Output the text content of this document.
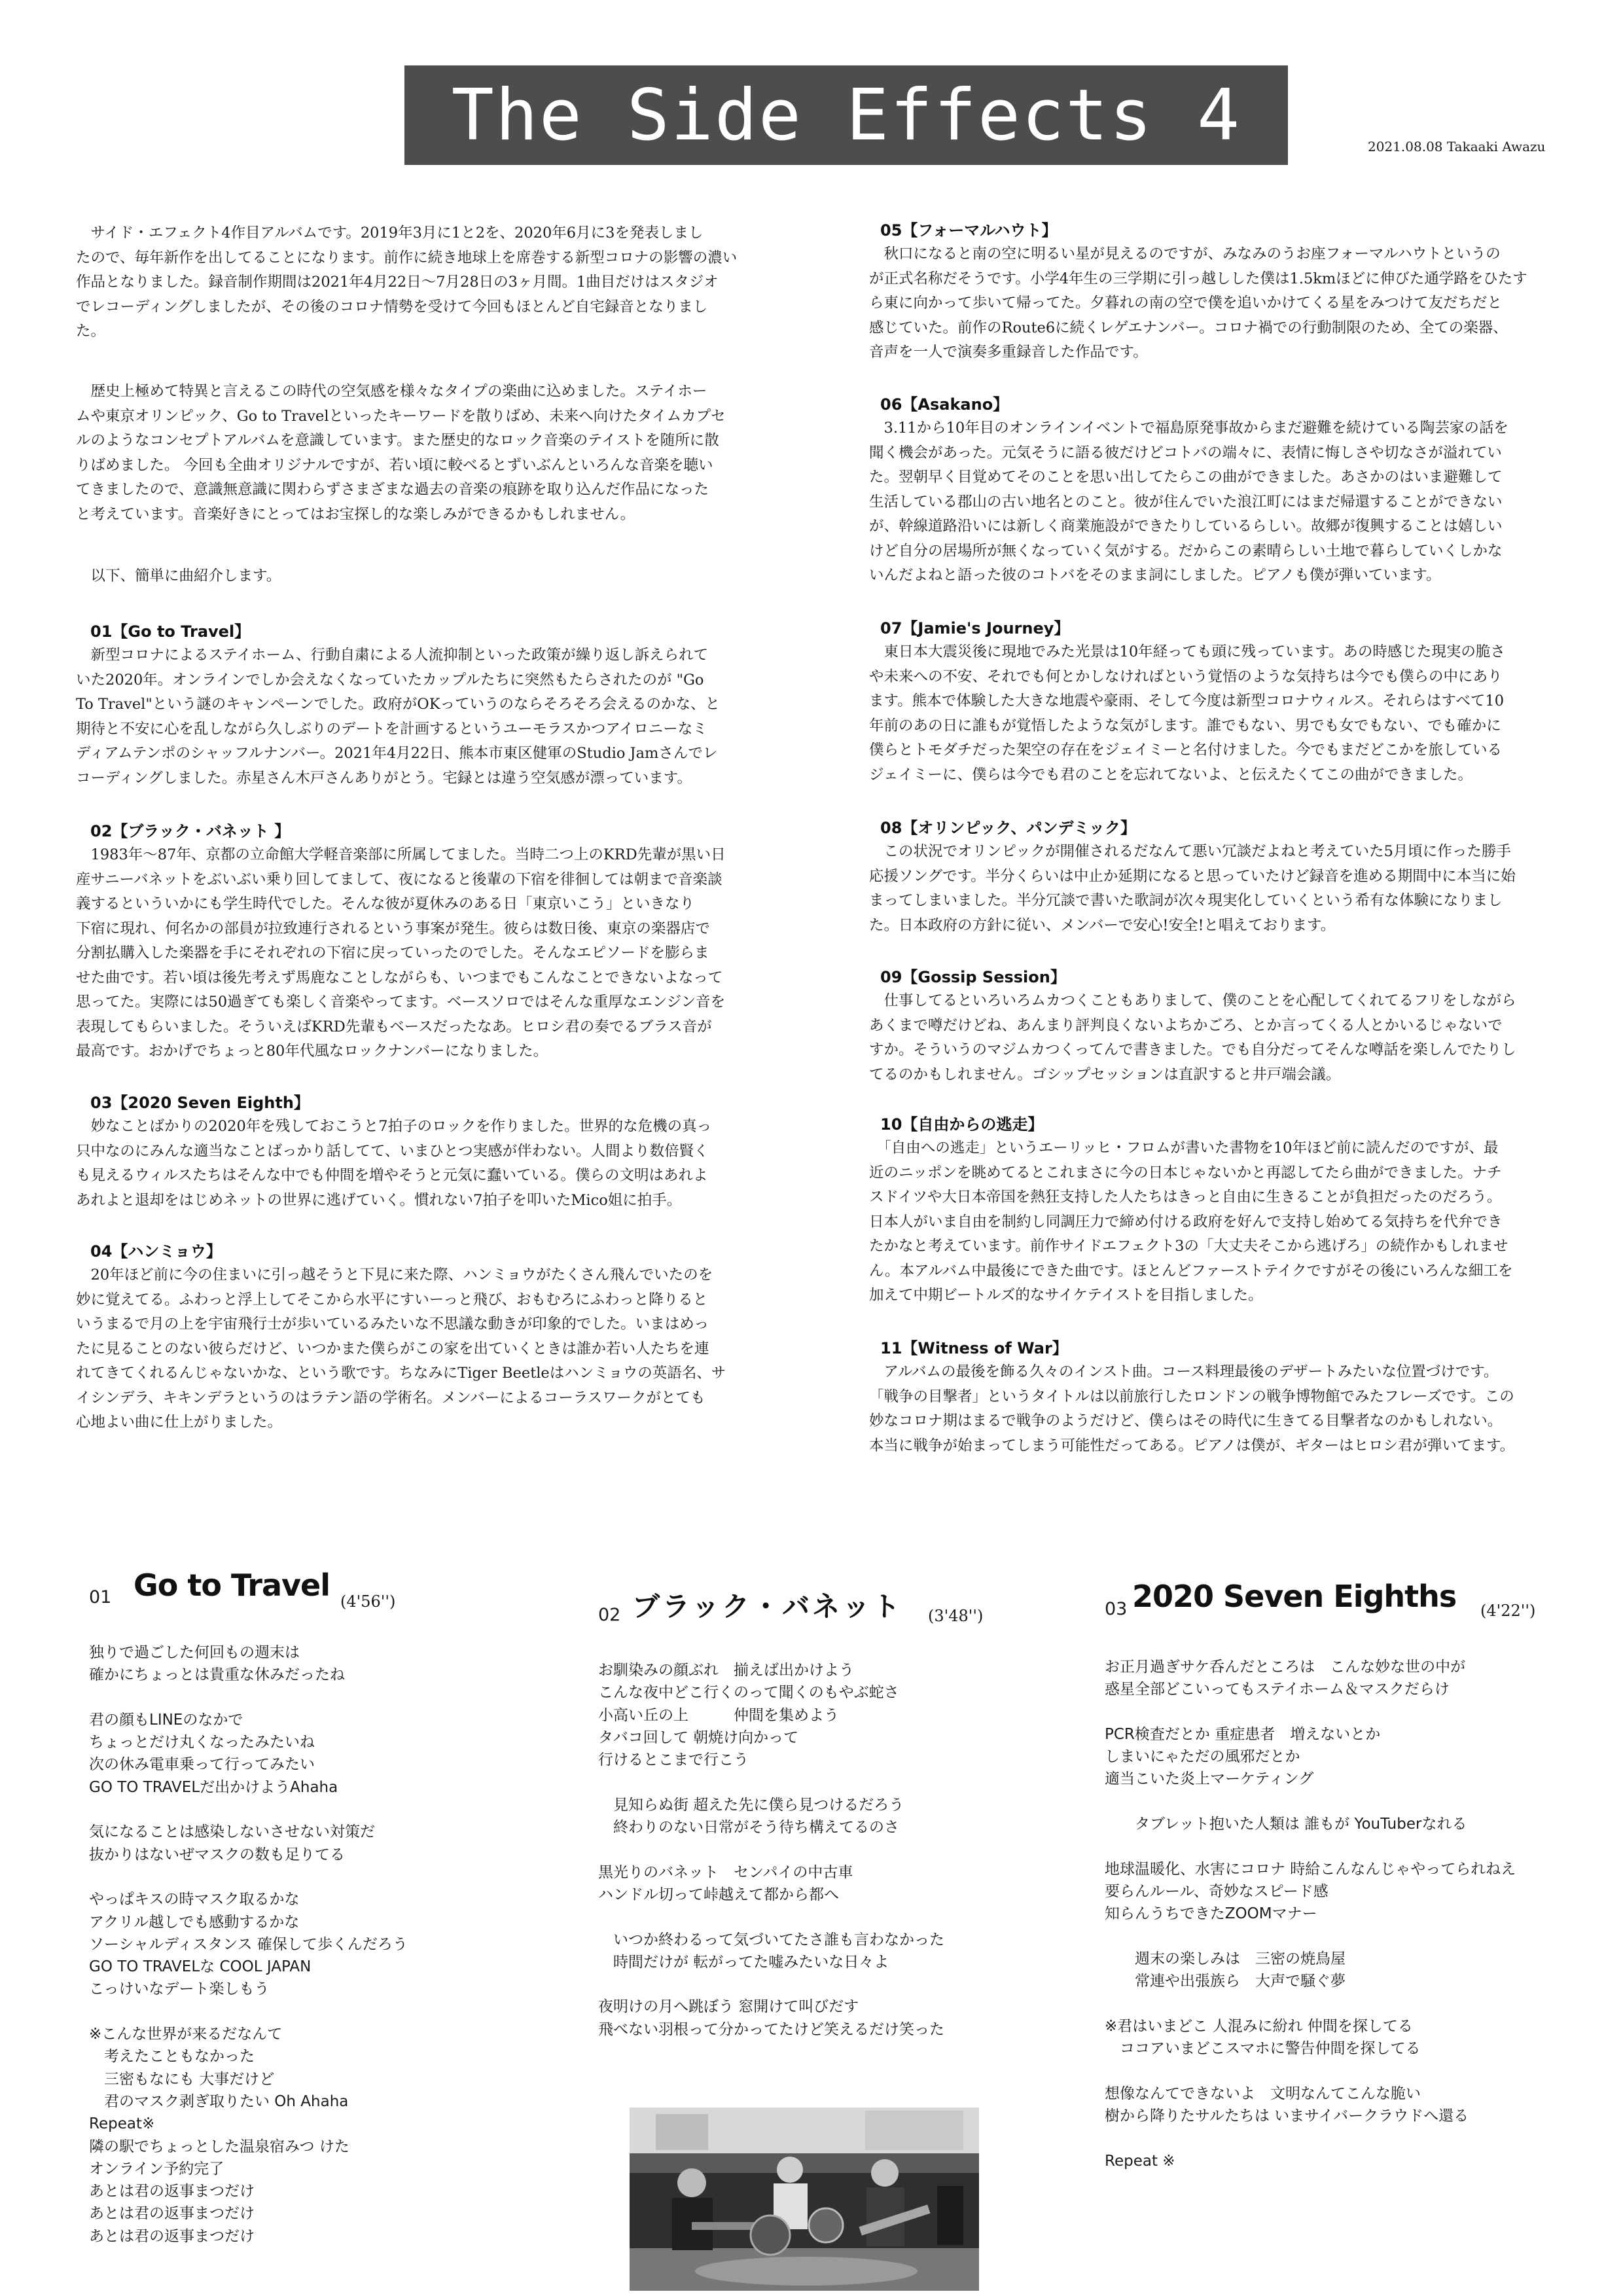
The Side Effects 4	2021.08.08 Takaaki Awazu
　サイド・エフェクト4作目アルバムです。2019年3月に1と2を、2020年6月に3を発表しまし
たので、毎年新作を出してることになります。前作に続き地球上を席巻する新型コロナの影響の濃い
作品となりました。録音制作期間は2021年4月22日〜7月28日の3ヶ月間。1曲目だけはスタジオ
でレコーディングしましたが、その後のコロナ情勢を受けて今回もほとんど自宅録音となりまし
た。
　歴史上極めて特異と言えるこの時代の空気感を様々なタイプの楽曲に込めました。ステイホー
ムや東京オリンピック、Go to Travelといったキーワードを散りばめ、未来へ向けたタイムカプセ
ルのようなコンセプトアルバムを意識しています。また歴史的なロック音楽のテイストを随所に散
りばめました。 今回も全曲オリジナルですが、若い頃に較べるとずいぶんといろんな音楽を聴い
てきましたので、意識無意識に関わらずさまざまな過去の音楽の痕跡を取り込んだ作品になった
と考えています。音楽好きにとってはお宝探し的な楽しみができるかもしれません。
　以下、簡単に曲紹介します。
01【Go to Travel】
　新型コロナによるステイホーム、行動自粛による人流抑制といった政策が繰り返し訴えられて
いた2020年。オンラインでしか会えなくなっていたカップルたちに突然もたらされたのが "Go
To Travel"という謎のキャンペーンでした。政府がOKっていうのならそろそろ会えるのかな、と
期待と不安に心を乱しながら久しぶりのデートを計画するというユーモラスかつアイロニーなミ
ディアムテンポのシャッフルナンバー。2021年4月22日、熊本市東区健軍のStudio Jamさんでレ
コーディングしました。赤星さん木戸さんありがとう。宅録とは違う空気感が漂っています。
02【ブラック・バネット 】
　1983年〜87年、京都の立命館大学軽音楽部に所属してました。当時二つ上のKRD先輩が黒い日
産サニーバネットをぶいぶい乗り回してまして、夜になると後輩の下宿を徘徊しては朝まで音楽談
義するといういかにも学生時代でした。そんな彼が夏休みのある日「東京いこう」といきなり
下宿に現れ、何名かの部員が拉致連行されるという事案が発生。彼らは数日後、東京の楽器店で
分割払購入した楽器を手にそれぞれの下宿に戻っていったのでした。そんなエピソードを膨らま
せた曲です。若い頃は後先考えず馬鹿なことしながらも、いつまでもこんなことできないよなって
思ってた。実際には50過ぎても楽しく音楽やってます。ベースソロではそんな重厚なエンジン音を
表現してもらいました。そういえばKRD先輩もベースだったなあ。ヒロシ君の奏でるブラス音が
最高です。おかげでちょっと80年代風なロックナンバーになりました。
03【2020 Seven Eighth】
　妙なことばかりの2020年を残しておこうと7拍子のロックを作りました。世界的な危機の真っ
只中なのにみんな適当なことばっかり話してて、いまひとつ実感が伴わない。人間より数倍賢く
も見えるウィルスたちはそんな中でも仲間を増やそうと元気に蠢いている。僕らの文明はあれよ
あれよと退却をはじめネットの世界に逃げていく。慣れない7拍子を叩いたMico姐に拍手。
04【ハンミョウ】
　20年ほど前に今の住まいに引っ越そうと下見に来た際、ハンミョウがたくさん飛んでいたのを
妙に覚えてる。ふわっと浮上してそこから水平にすいーっと飛び、おもむろにふわっと降りると
いうまるで月の上を宇宙飛行士が歩いているみたいな不思議な動きが印象的でした。いまはめっ
たに見ることのない彼らだけど、いつかまた僕らがこの家を出ていくときは誰か若い人たちを連
れてきてくれるんじゃないかな、という歌です。ちなみにTiger Beetleはハンミョウの英語名、サ
イシンデラ、キキンデラというのはラテン語の学術名。メンバーによるコーラスワークがとても
心地よい曲に仕上がりました。
05【フォーマルハウト】
　秋口になると南の空に明るい星が見えるのですが、みなみのうお座フォーマルハウトというの
が正式名称だそうです。小学4年生の三学期に引っ越しした僕は1.5kmほどに伸びた通学路をひたす
ら東に向かって歩いて帰ってた。夕暮れの南の空で僕を追いかけてくる星をみつけて友だちだと
感じていた。前作のRoute6に続くレゲエナンバー。コロナ禍での行動制限のため、全ての楽器、
音声を一人で演奏多重録音した作品です。
06【Asakano】
　3.11から10年目のオンラインイベントで福島原発事故からまだ避難を続けている陶芸家の話を
聞く機会があった。元気そうに語る彼だけどコトバの端々に、表情に悔しさや切なさが溢れてい
た。翌朝早く目覚めてそのことを思い出してたらこの曲ができました。あさかのはいま避難して
生活している郡山の古い地名とのこと。彼が住んでいた浪江町にはまだ帰還することができない
が、幹線道路沿いには新しく商業施設ができたりしているらしい。故郷が復興することは嬉しい
けど自分の居場所が無くなっていく気がする。だからこの素晴らしい土地で暮らしていくしかな
いんだよねと語った彼のコトバをそのまま詞にしました。ピアノも僕が弾いています。
07【Jamie's Journey】
　東日本大震災後に現地でみた光景は10年経っても頭に残っています。あの時感じた現実の脆さ
や未来への不安、それでも何とかしなければという覚悟のような気持ちは今でも僕らの中にあり
ます。熊本で体験した大きな地震や豪雨、そして今度は新型コロナウィルス。それらはすべて10
年前のあの日に誰もが覚悟したような気がします。誰でもない、男でも女でもない、でも確かに
僕らとトモダチだった架空の存在をジェイミーと名付けました。今でもまだどこかを旅している
ジェイミーに、僕らは今でも君のことを忘れてないよ、と伝えたくてこの曲ができました。
08【オリンピック、パンデミック】
　この状況でオリンピックが開催されるだなんて悪い冗談だよねと考えていた5月頃に作った勝手
応援ソングです。半分くらいは中止か延期になると思っていたけど録音を進める期間中に本当に始
まってしまいました。半分冗談で書いた歌詞が次々現実化していくという希有な体験になりまし
た。日本政府の方針に従い、メンバーで安心!安全!と唱えております。
09【Gossip Session】
　仕事してるといろいろムカつくこともありまして、僕のことを心配してくれてるフリをしながら
あくまで噂だけどね、あんまり評判良くないよちかごろ、とか言ってくる人とかいるじゃないで
すか。そういうのマジムカつくってんで書きました。でも自分だってそんな噂話を楽しんでたりし
てるのかもしれません。ゴシップセッションは直訳すると井戸端会議。
10【自由からの逃走】
　「自由への逃走」というエーリッヒ・フロムが書いた書物を10年ほど前に読んだのですが、最
近のニッポンを眺めてるとこれまさに今の日本じゃないかと再認してたら曲ができました。ナチ
スドイツや大日本帝国を熱狂支持した人たちはきっと自由に生きることが負担だったのだろう。
日本人がいま自由を制約し同調圧力で締め付ける政府を好んで支持し始めてる気持ちを代弁でき
たかなと考えています。前作サイドエフェクト3の「大丈夫そこから逃げろ」の続作かもしれませ
ん。本アルバム中最後にできた曲です。ほとんどファーストテイクですがその後にいろんな細工を
加えて中期ビートルズ的なサイケテイストを目指しました。
11【Witness of War】
　アルバムの最後を飾る久々のインスト曲。コース料理最後のデザートみたいな位置づけです。
「戦争の目撃者」というタイトルは以前旅行したロンドンの戦争博物館でみたフレーズです。この
妙なコロナ期はまるで戦争のようだけど、僕らはその時代に生きてる目撃者なのかもしれない。
本当に戦争が始まってしまう可能性だってある。ピアノは僕が、ギターはヒロシ君が弾いてます。
01 Go to Travel (4'56'')
独りで過ごした何回もの週末は
確かにちょっとは貴重な休みだったね

君の顔もLINEのなかで
ちょっとだけ丸くなったみたいね
次の休み電車乗って行ってみたい
GO TO TRAVELだ出かけようAhaha

気になることは感染しないさせない対策だ
抜かりはないぜマスクの数も足りてる

やっぱキスの時マスク取るかな
アクリル越しでも感動するかな
ソーシャルディスタンス 確保して歩くんだろう
GO TO TRAVELな COOL JAPAN
こっけいなデート楽しもう

※こんな世界が来るだなんて
　考えたこともなかった
　三密もなにも 大事だけど
　君のマスク剥ぎ取りたい Oh Ahaha
Repeat※
隣の駅でちょっとした温泉宿みつ けた
オンライン予約完了
あとは君の返事まつだけ
あとは君の返事まつだけ
あとは君の返事まつだけ
02 ブラック・バネット (3'48'')
お馴染みの顔ぶれ　揃えば出かけよう
こんな夜中どこ行くのって聞くのもやぶ蛇さ
小高い丘の上　　　仲間を集めよう
タバコ回して 朝焼け向かって
行けるとこまで行こう

　見知らぬ街 超えた先に僕ら見つけるだろう
　終わりのない日常がそう待ち構えてるのさ

黒光りのバネット　センパイの中古車
ハンドル切って峠越えて都から都へ

　いつか終わるって気づいてたさ誰も言わなかった
　時間だけが 転がってた嘘みたいな日々よ

夜明けの月へ跳ぼう 窓開けて叫びだす
飛べない羽根って分かってたけど笑えるだけ笑った
03 2020 Seven Eighths (4'22'')
お正月過ぎサケ呑んだところは　こんな妙な世の中が
惑星全部どこいってもステイホーム＆マスクだらけ

PCR検査だとか 重症患者　増えないとか
しまいにゃただの風邪だとか
適当こいた炎上マーケティング

　　タブレット抱いた人類は 誰もが YouTuberなれる

地球温暖化、水害にコロナ 時給こんなんじゃやってられねえ
要らんルール、奇妙なスピード感
知らんうちできたZOOMマナー

　　週末の楽しみは　三密の焼鳥屋
　　常連や出張族ら　大声で騒ぐ夢

※君はいまどこ 人混みに紛れ 仲間を探してる
　ココアいまどこスマホに警告仲間を探してる

想像なんてできないよ　文明なんてこんな脆い
樹から降りたサルたちは いまサイバークラウドへ還る

Repeat ※
